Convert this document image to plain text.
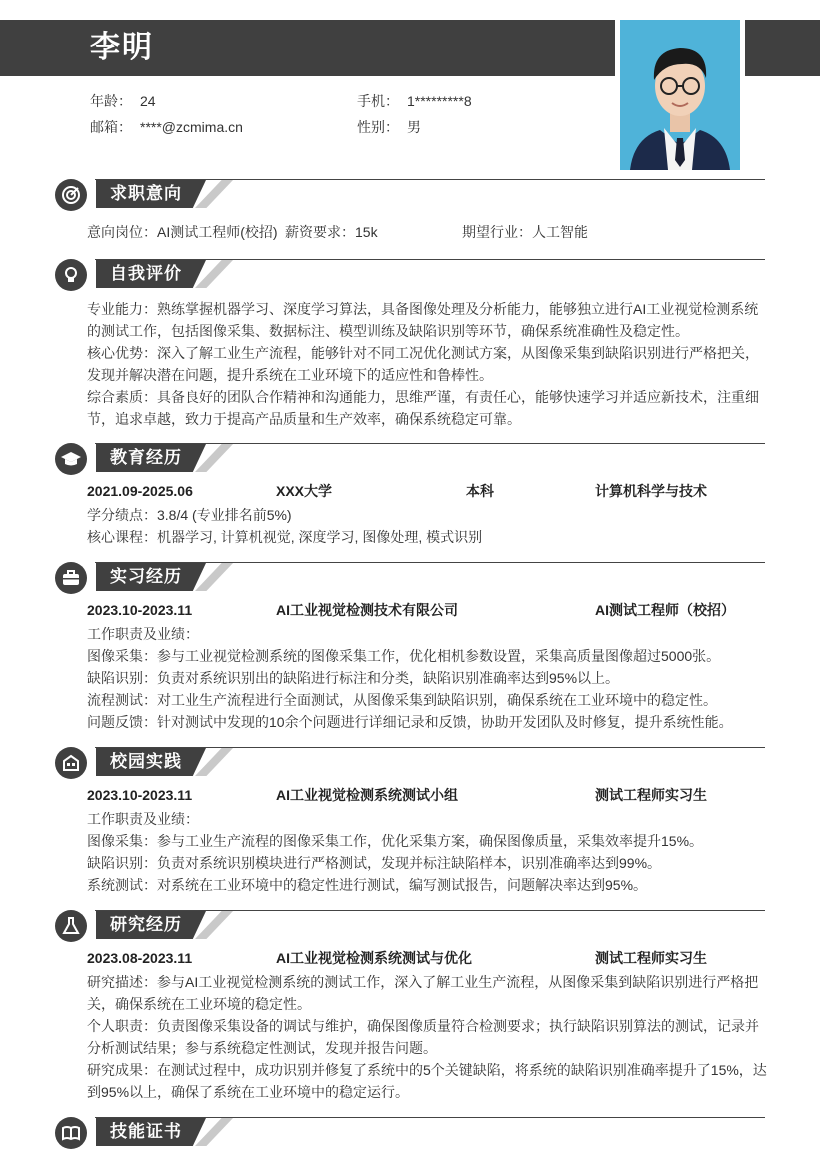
李明
年龄： 24	手机： 1*********8
邮箱： ****@zcmima.cn	性别： 男
求职意向
意向岗位：AI测试工程师(校招) 薪资要求：15k	期望行业：人工智能
自我评价
专业能力：熟练掌握机器学习、深度学习算法，具备图像处理及分析能力，能够独立进行AI工业视觉检测系统的测试工作，包括图像采集、数据标注、模型训练及缺陷识别等环节，确保系统准确性及稳定性。
核心优势：深入了解工业生产流程，能够针对不同工况优化测试方案，从图像采集到缺陷识别进行严格把关，发现并解决潜在问题，提升系统在工业环境下的适应性和鲁棒性。
综合素质：具备良好的团队合作精神和沟通能力，思维严谨，有责任心，能够快速学习并适应新技术，注重细节，追求卓越，致力于提高产品质量和生产效率，确保系统稳定可靠。
教育经历
2021.09-2025.06	XXX大学	本科	计算机科学与技术
学分绩点：3.8/4 (专业排名前5%)
核心课程：机器学习, 计算机视觉, 深度学习, 图像处理, 模式识别
实习经历
2023.10-2023.11	AI工业视觉检测技术有限公司	AI测试工程师（校招）
工作职责及业绩：
图像采集：参与工业视觉检测系统的图像采集工作，优化相机参数设置，采集高质量图像超过5000张。
缺陷识别：负责对系统识别出的缺陷进行标注和分类，缺陷识别准确率达到95%以上。
流程测试：对工业生产流程进行全面测试，从图像采集到缺陷识别，确保系统在工业环境中的稳定性。
问题反馈：针对测试中发现的10余个问题进行详细记录和反馈，协助开发团队及时修复，提升系统性能。
校园实践
2023.10-2023.11	AI工业视觉检测系统测试小组	测试工程师实习生
工作职责及业绩：
图像采集：参与工业生产流程的图像采集工作，优化采集方案，确保图像质量，采集效率提升15%。
缺陷识别：负责对系统识别模块进行严格测试，发现并标注缺陷样本，识别准确率达到99%。
系统测试：对系统在工业环境中的稳定性进行测试，编写测试报告，问题解决率达到95%。
研究经历
2023.08-2023.11	AI工业视觉检测系统测试与优化	测试工程师实习生
研究描述：参与AI工业视觉检测系统的测试工作，深入了解工业生产流程，从图像采集到缺陷识别进行严格把关，确保系统在工业环境的稳定性。
个人职责：负责图像采集设备的调试与维护，确保图像质量符合检测要求；执行缺陷识别算法的测试，记录并分析测试结果；参与系统稳定性测试，发现并报告问题。
研究成果：在测试过程中，成功识别并修复了系统中的5个关键缺陷，将系统的缺陷识别准确率提升了15%，达到95%以上，确保了系统在工业环境中的稳定运行。
技能证书
